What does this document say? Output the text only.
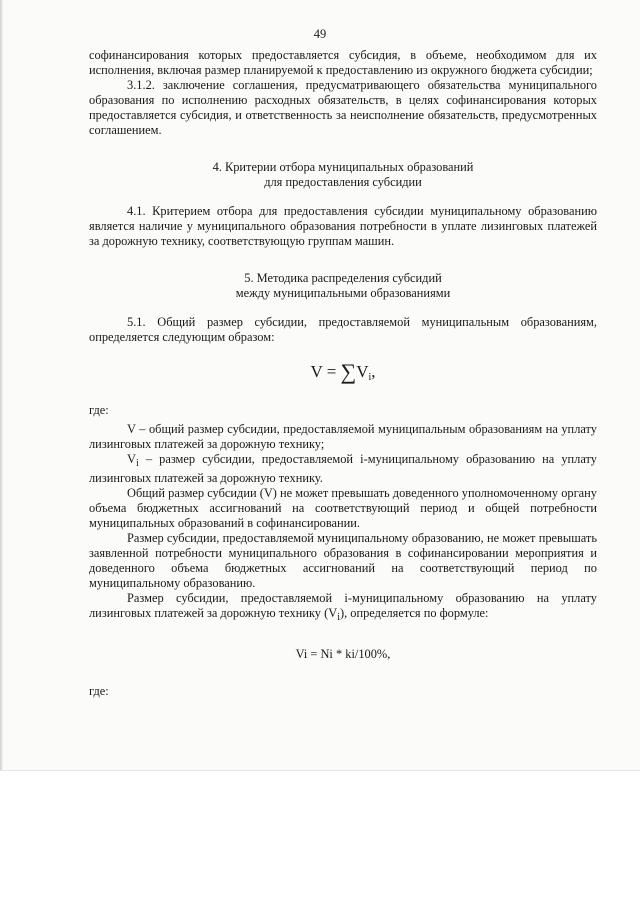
49

софинансирования которых предоставляется субсидия, в объеме, необходимом для их исполнения, включая размер планируемой к предоставлению из окружного бюджета субсидии;

3.1.2. заключение соглашения, предусматривающего обязательства муниципального образования по исполнению расходных обязательств, в целях софинансирования которых предоставляется субсидия, и ответственность за неисполнение обязательств, предусмотренных соглашением.

4. Критерии отбора муниципальных образований

для предоставления субсидии

4.1. Критерием отбора для предоставления субсидии муниципальному образованию является наличие у муниципального образования потребности в уплате лизинговых платежей за дорожную технику, соответствующую группам машин.

5. Методика распределения субсидий

между муниципальными образованиями

5.1. Общий размер субсидии, предоставляемой муниципальным образованиям, определяется следующим образом:

$V = \sum V_i$,

где:

V – общий размер субсидии, предоставляемой муниципальным образованиям на уплату лизинговых платежей за дорожную технику;

$V_i$ – размер субсидии, предоставляемой i-муниципальному образованию на уплату лизинговых платежей за дорожную технику.

Общий размер субсидии (V) не может превышать доведенного уполномоченному органу объема бюджетных ассигнований на соответствующий период и общей потребности муниципальных образований в софинансировании.

Размер субсидии, предоставляемой муниципальному образованию, не может превышать заявленной потребности муниципального образования в софинансировании мероприятия и доведенного объема бюджетных ассигнований на соответствующий период по муниципальному образованию.

Размер субсидии, предоставляемой i-муниципальному образованию на уплату лизинговых платежей за дорожную технику $(V_i)$, определяется по формуле:

Vi = Ni * ki/100%,

где:
